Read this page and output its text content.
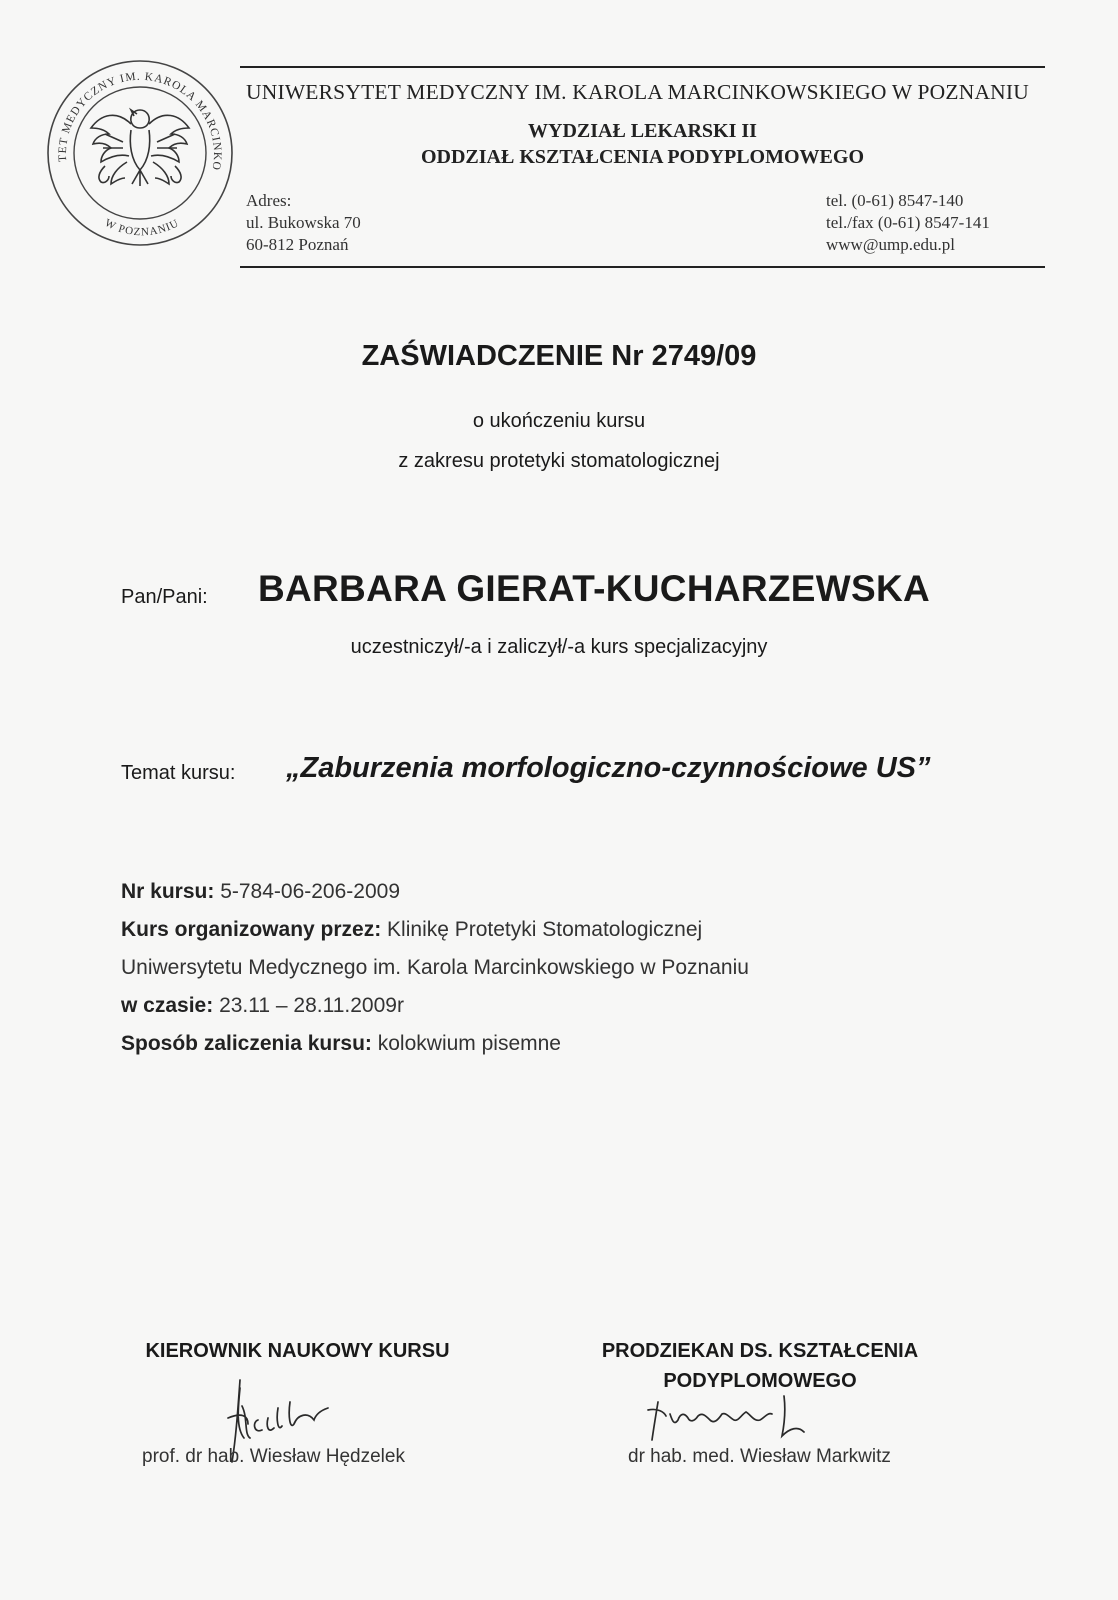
TET MEDYCZNY IM. KAROLA MARCINKO
W POZNANIU
UNIWERSYTET MEDYCZNY IM. KAROLA MARCINKOWSKIEGO W POZNANIU
WYDZIAŁ LEKARSKI II
ODDZIAŁ KSZTAŁCENIA PODYPLOMOWEGO
Adres:
ul. Bukowska 70
60-812 Poznań
tel. (0-61) 8547-140
tel./fax (0-61) 8547-141
www@ump.edu.pl
ZAŚWIADCZENIE Nr 2749/09
o ukończeniu kursu
z zakresu protetyki stomatologicznej
Pan/Pani: BARBARA GIERAT-KUCHARZEWSKA
uczestniczył/-a i zaliczył/-a kurs specjalizacyjny
Temat kursu: „Zaburzenia morfologiczno-czynnościowe US”
Nr kursu: 5-784-06-206-2009
Kurs organizowany przez: Klinikę Protetyki Stomatologicznej
Uniwersytetu Medycznego im. Karola Marcinkowskiego w Poznaniu
w czasie: 23.11 – 28.11.2009r
Sposób zaliczenia kursu: kolokwium pisemne
KIEROWNIK NAUKOWY KURSU
prof. dr hab. Wiesław Hędzelek
PRODZIEKAN DS. KSZTAŁCENIA
PODYPLOMOWEGO
dr hab. med. Wiesław Markwitz
